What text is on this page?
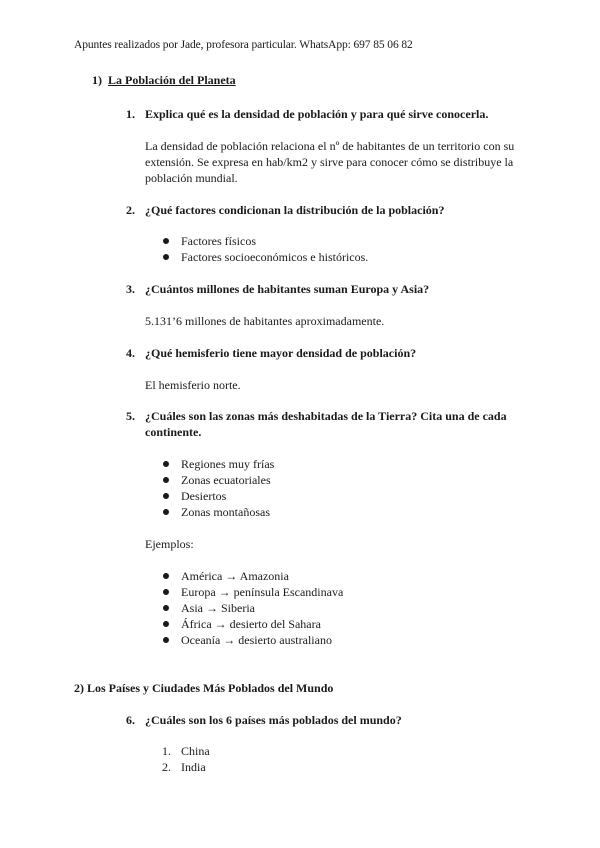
Apuntes realizados por Jade, profesora particular. WhatsApp: 697 85 06 82
1) La Población del Planeta
1. Explica qué es la densidad de población y para qué sirve conocerla.
La densidad de población relaciona el nº de habitantes de un territorio con su extensión. Se expresa en hab/km2 y sirve para conocer cómo se distribuye la población mundial.
2. ¿Qué factores condicionan la distribución de la población?
Factores físicos
Factores socioeconómicos e históricos.
3. ¿Cuántos millones de habitantes suman Europa y Asia?
5.131’6 millones de habitantes aproximadamente.
4. ¿Qué hemisferio tiene mayor densidad de población?
El hemisferio norte.
5. ¿Cuáles son las zonas más deshabitadas de la Tierra? Cita una de cada continente.
Regiones muy frías
Zonas ecuatoriales
Desiertos
Zonas montañosas
Ejemplos:
América → Amazonia
Europa → península Escandinava
Asia → Siberia
África → desierto del Sahara
Oceanía → desierto australiano
2) Los Países y Ciudades Más Poblados del Mundo
6. ¿Cuáles son los 6 países más poblados del mundo?
1. China
2. India
